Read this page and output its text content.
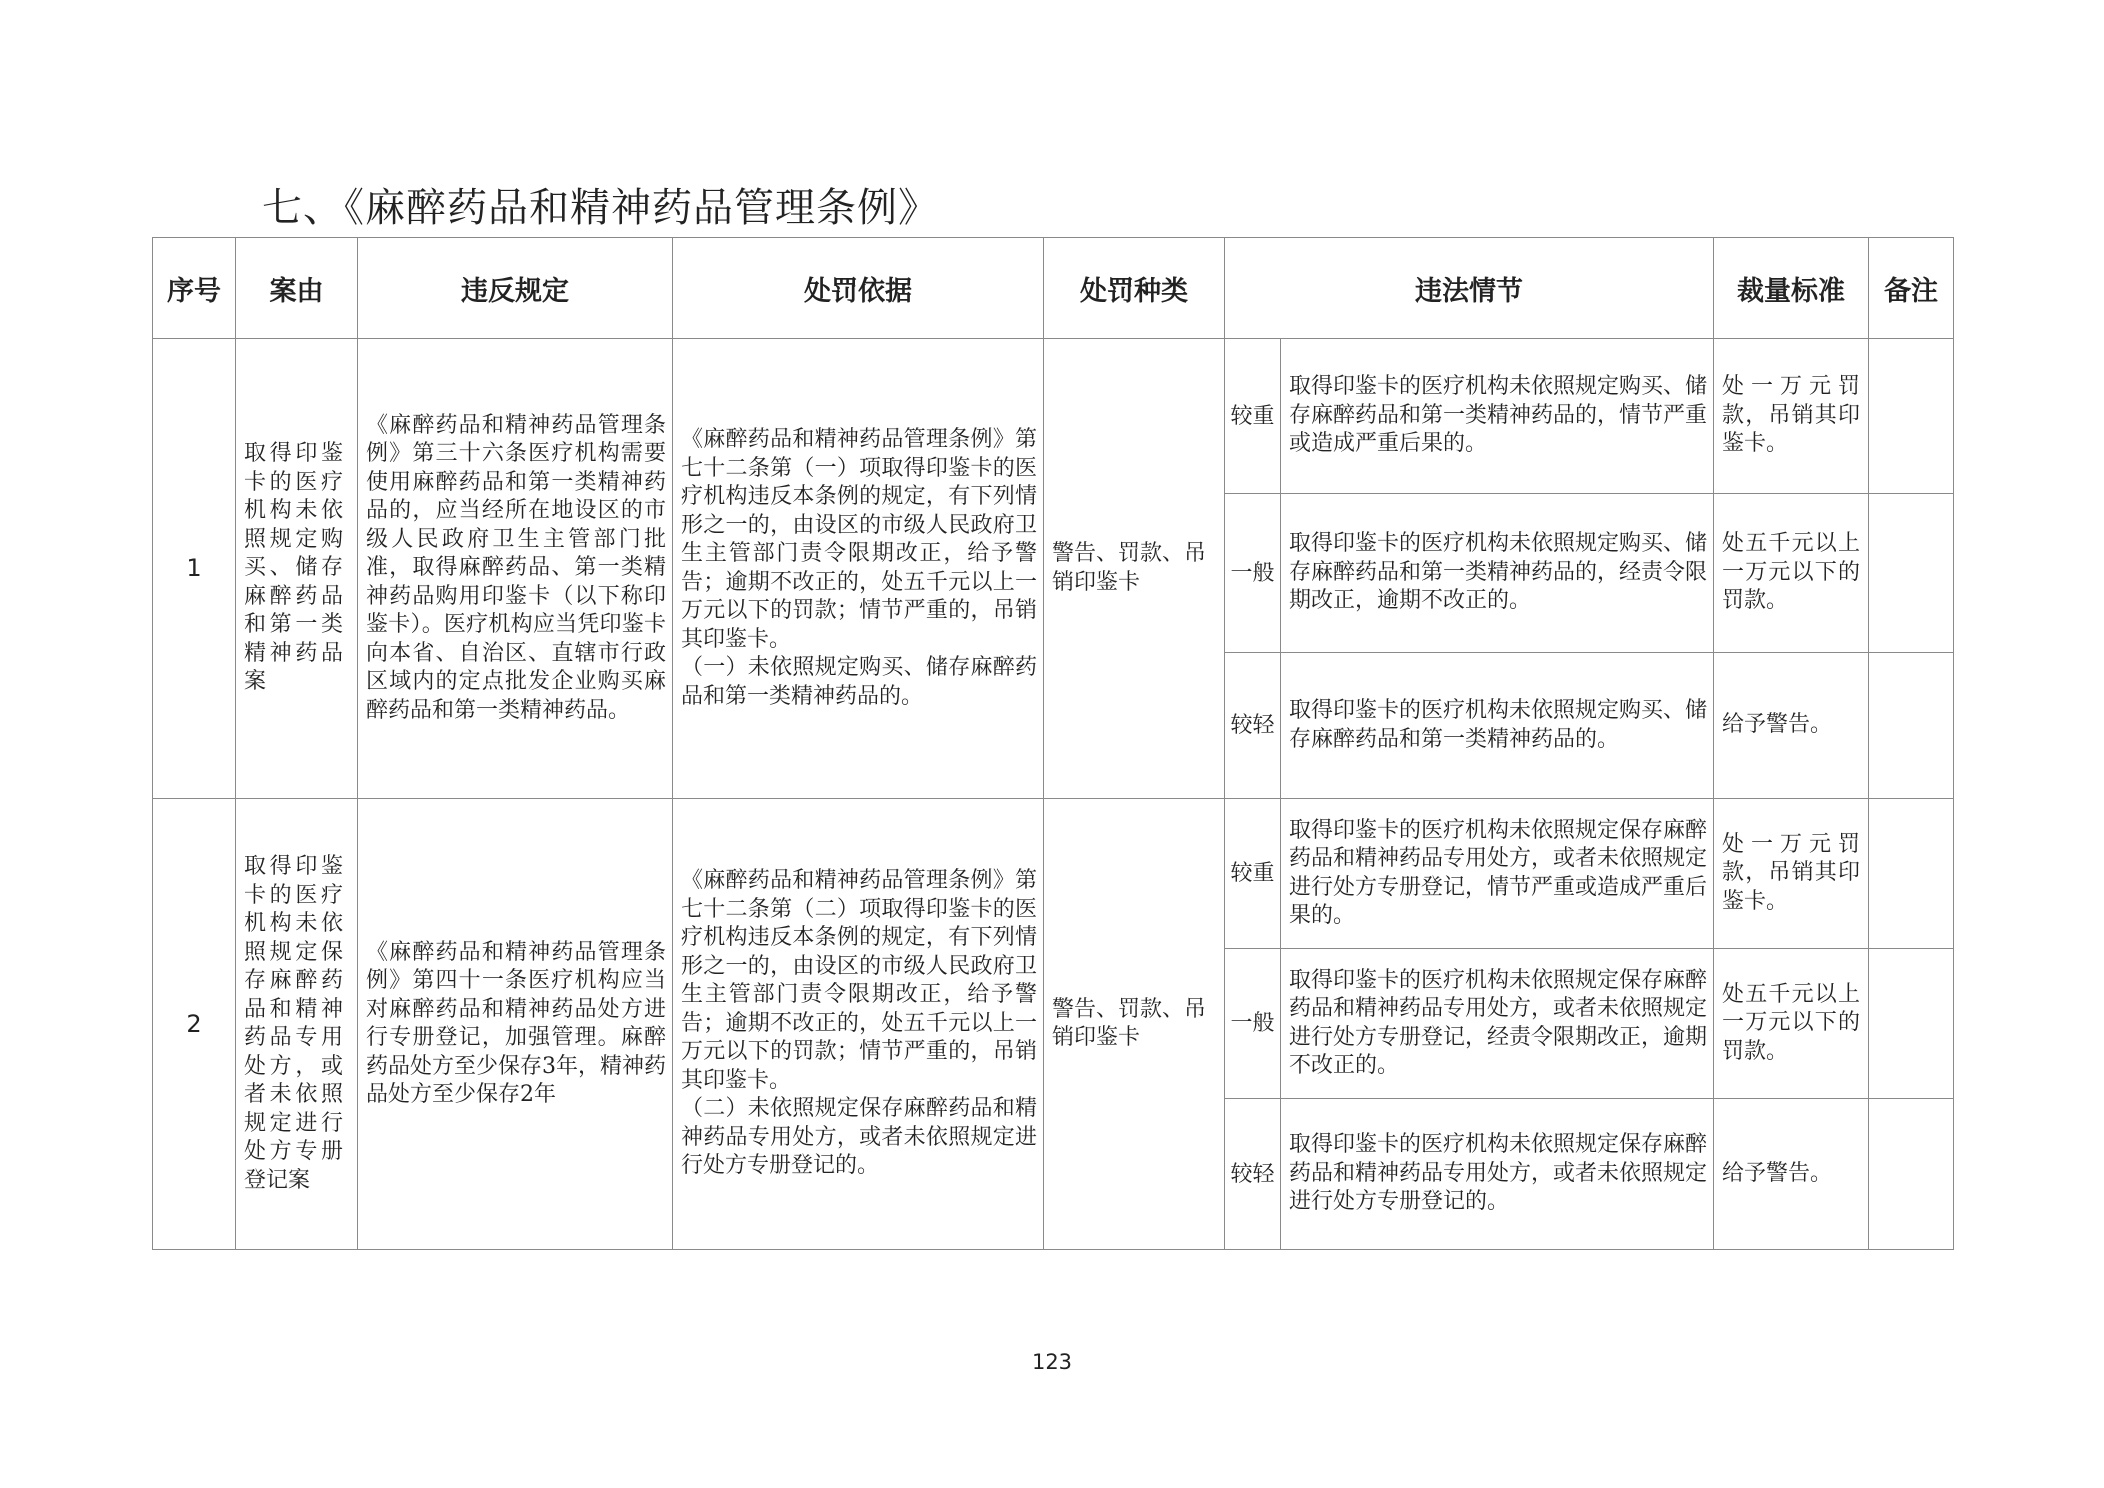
七、《麻醉药品和精神药品管理条例》
序号	案由	违反规定	处罚依据	处罚种类	违法情节		裁量标准	备注
1	取得印鉴卡的医疗机构未依照规定购买、储存麻醉药品和第一类精神药品案	《麻醉药品和精神药品管理条例》第三十六条医疗机构需要使用麻醉药品和第一类精神药品的，应当经所在地设区的市级人民政府卫生主管部门批准，取得麻醉药品、第一类精神药品购用印鉴卡（以下称印鉴卡）。医疗机构应当凭印鉴卡向本省、自治区、直辖市行政区域内的定点批发企业购买麻醉药品和第一类精神药品。	《麻醉药品和精神药品管理条例》第七十二条第（一）项取得印鉴卡的医疗机构违反本条例的规定，有下列情形之一的，由设区的市级人民政府卫生主管部门责令限期改正，给予警告；逾期不改正的，处五千元以上一万元以下的罚款；情节严重的，吊销其印鉴卡。
（一）未依照规定购买、储存麻醉药品和第一类精神药品的。	警告、罚款、吊销印鉴卡	较重	取得印鉴卡的医疗机构未依照规定购买、储存麻醉药品和第一类精神药品的，情节严重或造成严重后果的。	处一万元罚款，吊销其印鉴卡。	

					一般	取得印鉴卡的医疗机构未依照规定购买、储存麻醉药品和第一类精神药品的，经责令限期改正，逾期不改正的。	处五千元以上一万元以下的罚款。	

					较轻	取得印鉴卡的医疗机构未依照规定购买、储存麻醉药品和第一类精神药品的。	给予警告。	
2	取得印鉴卡的医疗机构未依照规定保存麻醉药品和精神药品专用处方，或者未依照规定进行处方专册登记案	《麻醉药品和精神药品管理条例》第四十一条医疗机构应当对麻醉药品和精神药品处方进行专册登记，加强管理。麻醉药品处方至少保存3年，精神药品处方至少保存2年	《麻醉药品和精神药品管理条例》第七十二条第（二）项取得印鉴卡的医疗机构违反本条例的规定，有下列情形之一的，由设区的市级人民政府卫生主管部门责令限期改正，给予警告；逾期不改正的，处五千元以上一万元以下的罚款；情节严重的，吊销其印鉴卡。
（二）未依照规定保存麻醉药品和精神药品专用处方，或者未依照规定进行处方专册登记的。	警告、罚款、吊销印鉴卡	较重	取得印鉴卡的医疗机构未依照规定保存麻醉药品和精神药品专用处方，或者未依照规定进行处方专册登记，情节严重或造成严重后果的。	处一万元罚款，吊销其印鉴卡。	

					一般	取得印鉴卡的医疗机构未依照规定保存麻醉药品和精神药品专用处方，或者未依照规定进行处方专册登记，经责令限期改正，逾期不改正的。	处五千元以上一万元以下的罚款。	

					较轻	取得印鉴卡的医疗机构未依照规定保存麻醉药品和精神药品专用处方，或者未依照规定进行处方专册登记的。	给予警告。	
123
